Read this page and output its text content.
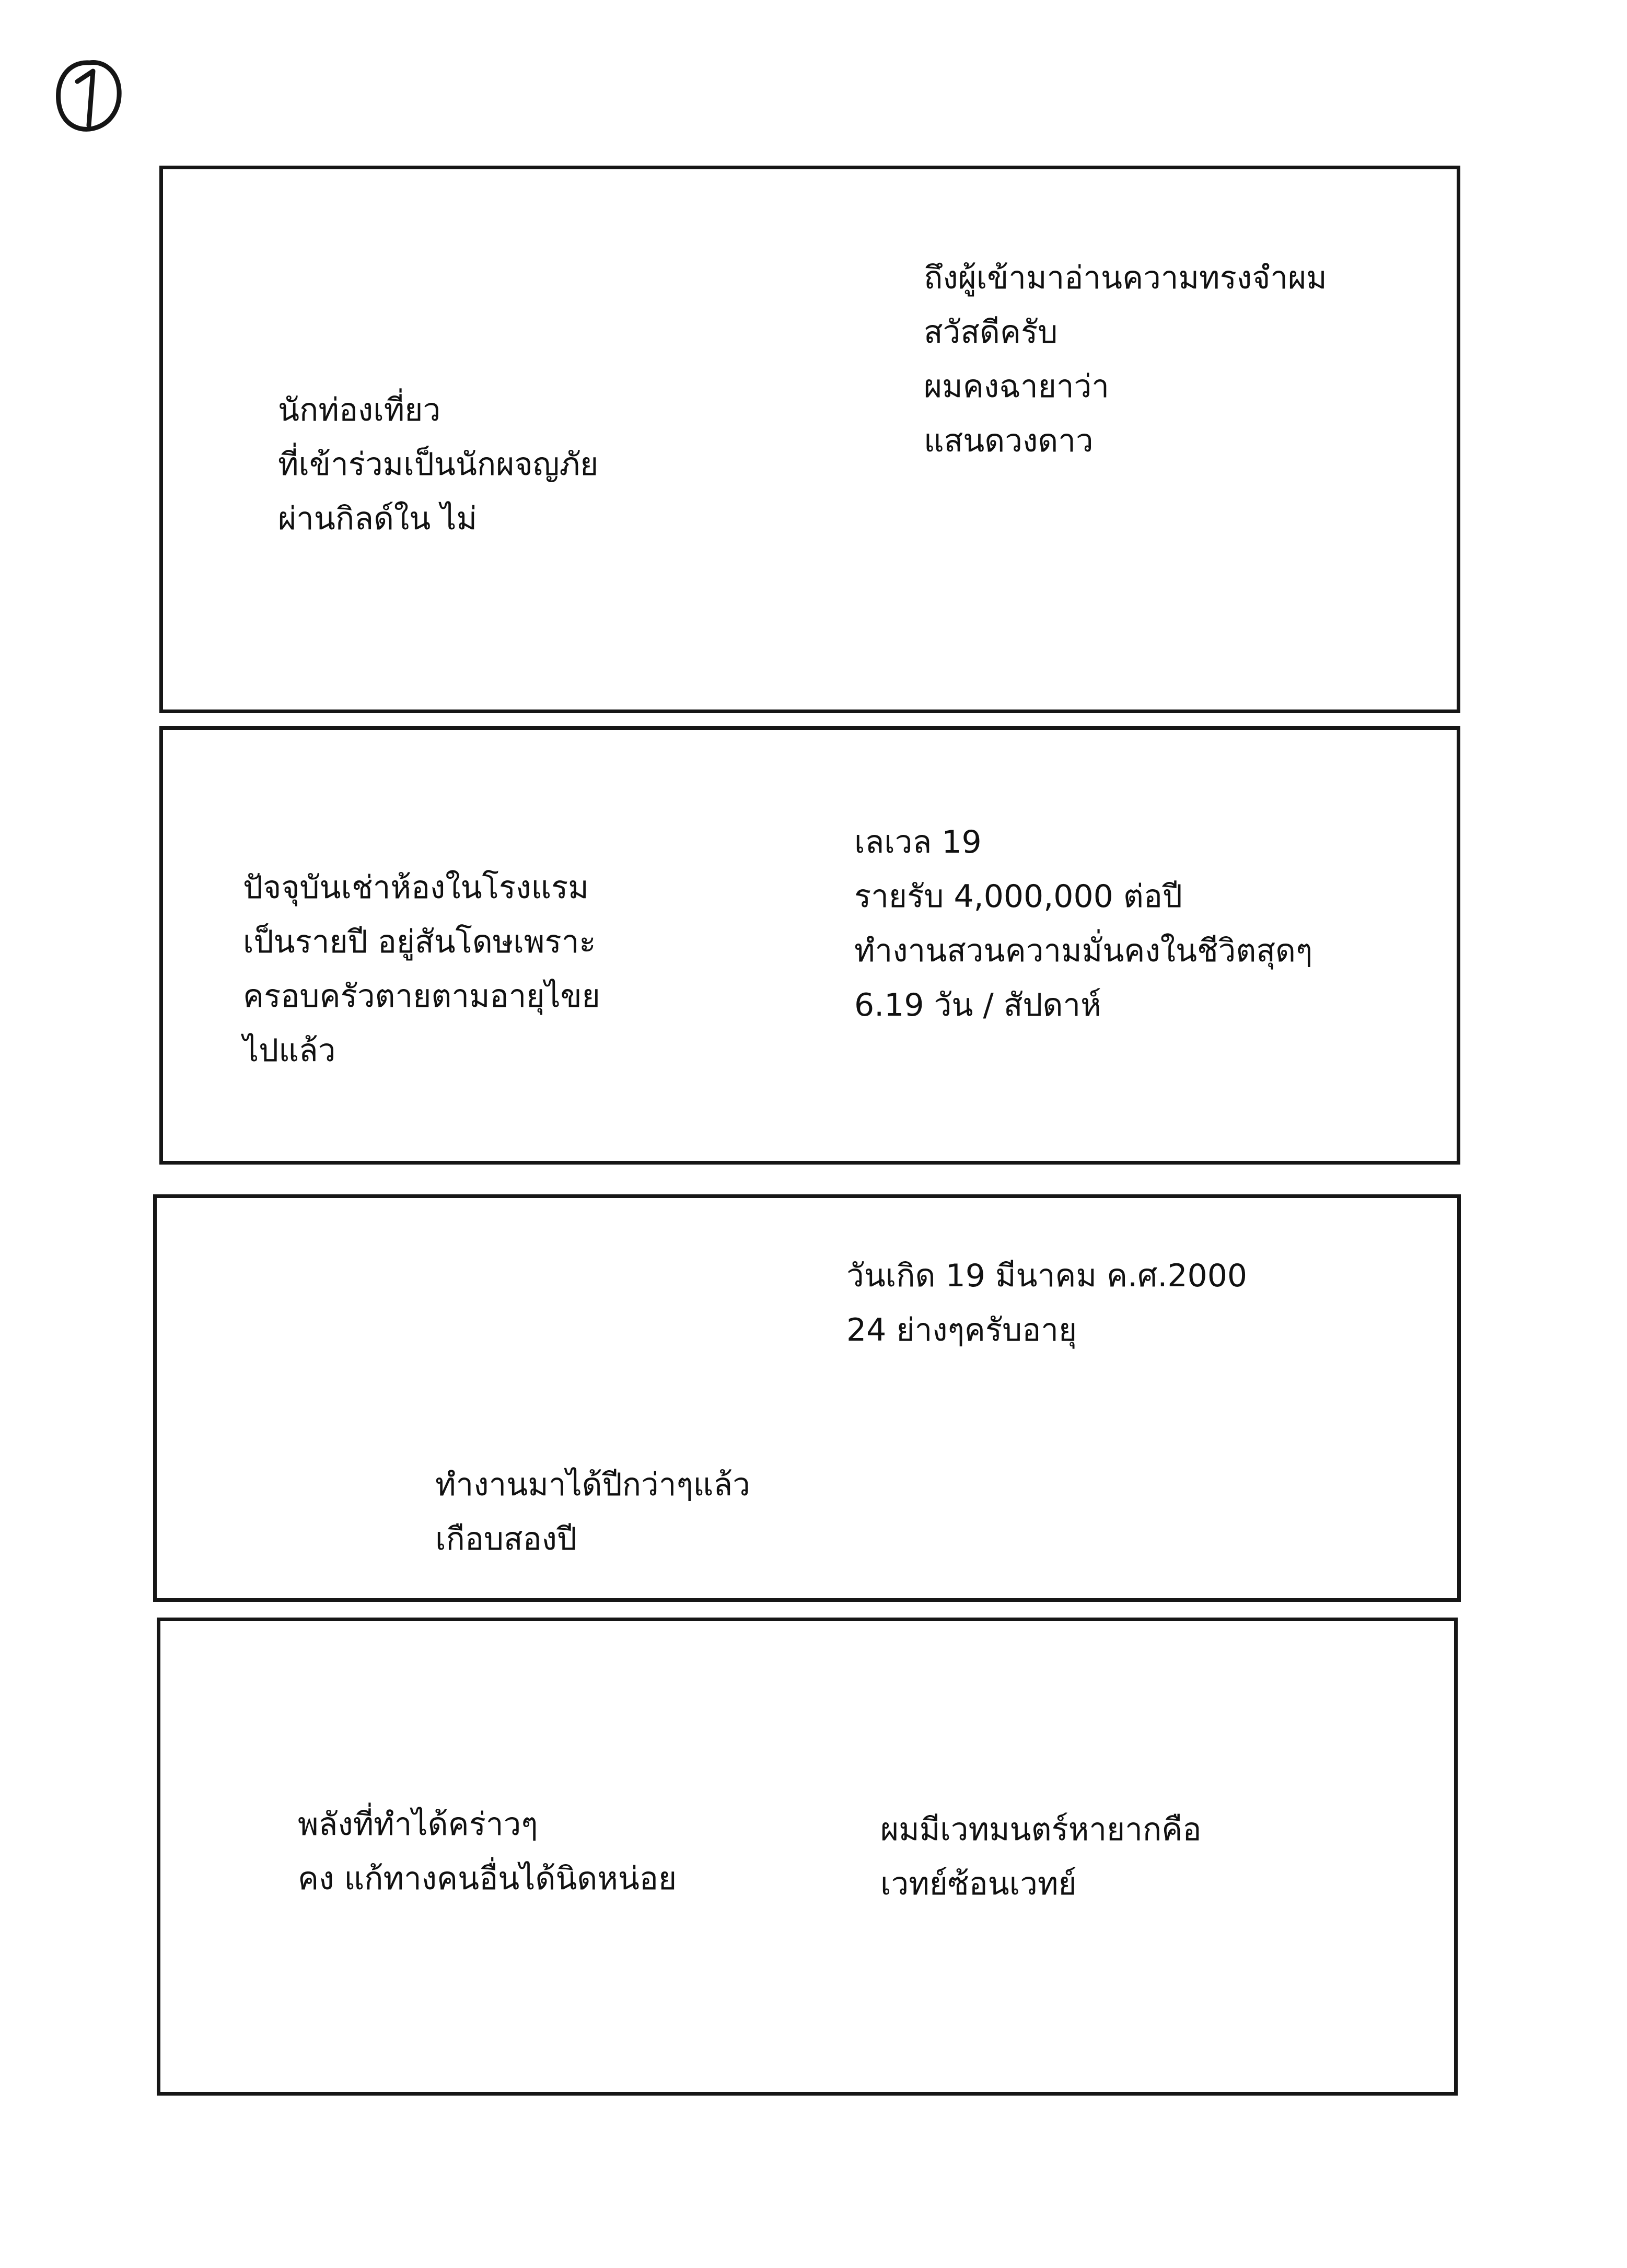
ถึงผู้เข้ามาอ่านความทรงจำผม
สวัสดีครับ
ผมคงฉายาว่า
แสนดวงดาว
นักท่องเที่ยว
ที่เข้าร่วมเป็นนักผจญภัย
ผ่านกิลด์ใน ไม่
ปัจจุบันเช่าห้องในโรงแรม
เป็นรายปี อยู่สันโดษเพราะ
ครอบครัวตายตามอายุไขย
ไปแล้ว
เลเวล 19
รายรับ 4,000,000 ต่อปี
ทำงานสวนความมั่นคงในชีวิตสุดๆ
6.19 วัน / สัปดาห์
วันเกิด 19 มีนาคม ค.ศ.2000
24 ย่างๆครับอายุ
ทำงานมาได้ปีกว่าๆแล้ว
เกือบสองปี
พลังที่ทำได้คร่าวๆ
คง แก้ทางคนอื่นได้นิดหน่อย
ผมมีเวทมนตร์หายากคือ
เวทย์ซ้อนเวทย์
